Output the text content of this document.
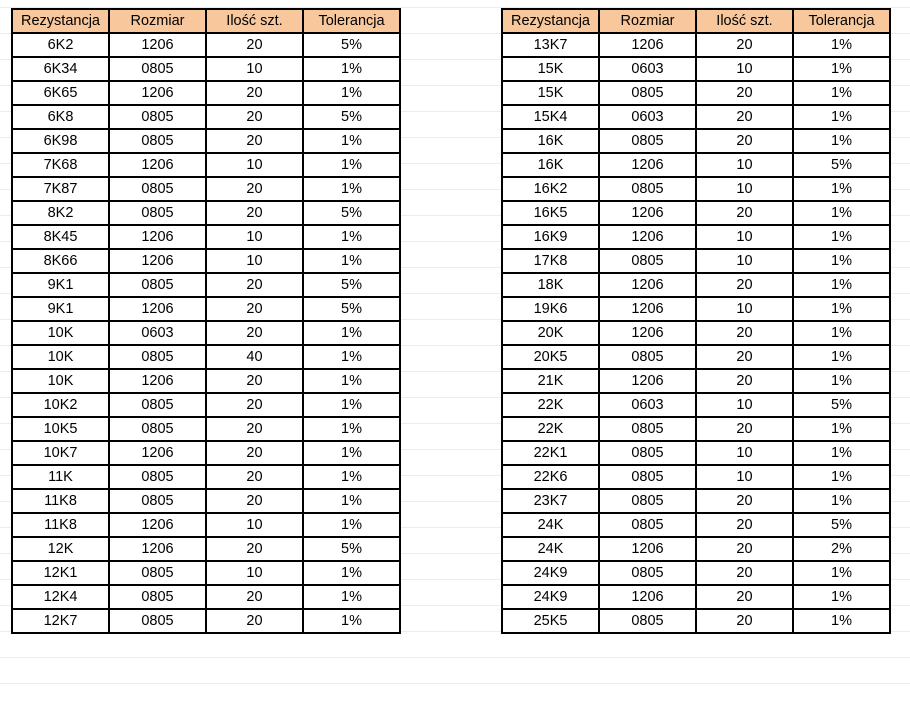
Rezystancja	Rozmiar	Ilość szt.	Tolerancja
6K2	1206	20	5%
6K34	0805	10	1%
6K65	1206	20	1%
6K8	0805	20	5%
6K98	0805	20	1%
7K68	1206	10	1%
7K87	0805	20	1%
8K2	0805	20	5%
8K45	1206	10	1%
8K66	1206	10	1%
9K1	0805	20	5%
9K1	1206	20	5%
10K	0603	20	1%
10K	0805	40	1%
10K	1206	20	1%
10K2	0805	20	1%
10K5	0805	20	1%
10K7	1206	20	1%
11K	0805	20	1%
11K8	0805	20	1%
11K8	1206	10	1%
12K	1206	20	5%
12K1	0805	10	1%
12K4	0805	20	1%
12K7	0805	20	1%
Rezystancja	Rozmiar	Ilość szt.	Tolerancja
13K7	1206	20	1%
15K	0603	10	1%
15K	0805	20	1%
15K4	0603	20	1%
16K	0805	20	1%
16K	1206	10	5%
16K2	0805	10	1%
16K5	1206	20	1%
16K9	1206	10	1%
17K8	0805	10	1%
18K	1206	20	1%
19K6	1206	10	1%
20K	1206	20	1%
20K5	0805	20	1%
21K	1206	20	1%
22K	0603	10	5%
22K	0805	20	1%
22K1	0805	10	1%
22K6	0805	10	1%
23K7	0805	20	1%
24K	0805	20	5%
24K	1206	20	2%
24K9	0805	20	1%
24K9	1206	20	1%
25K5	0805	20	1%
